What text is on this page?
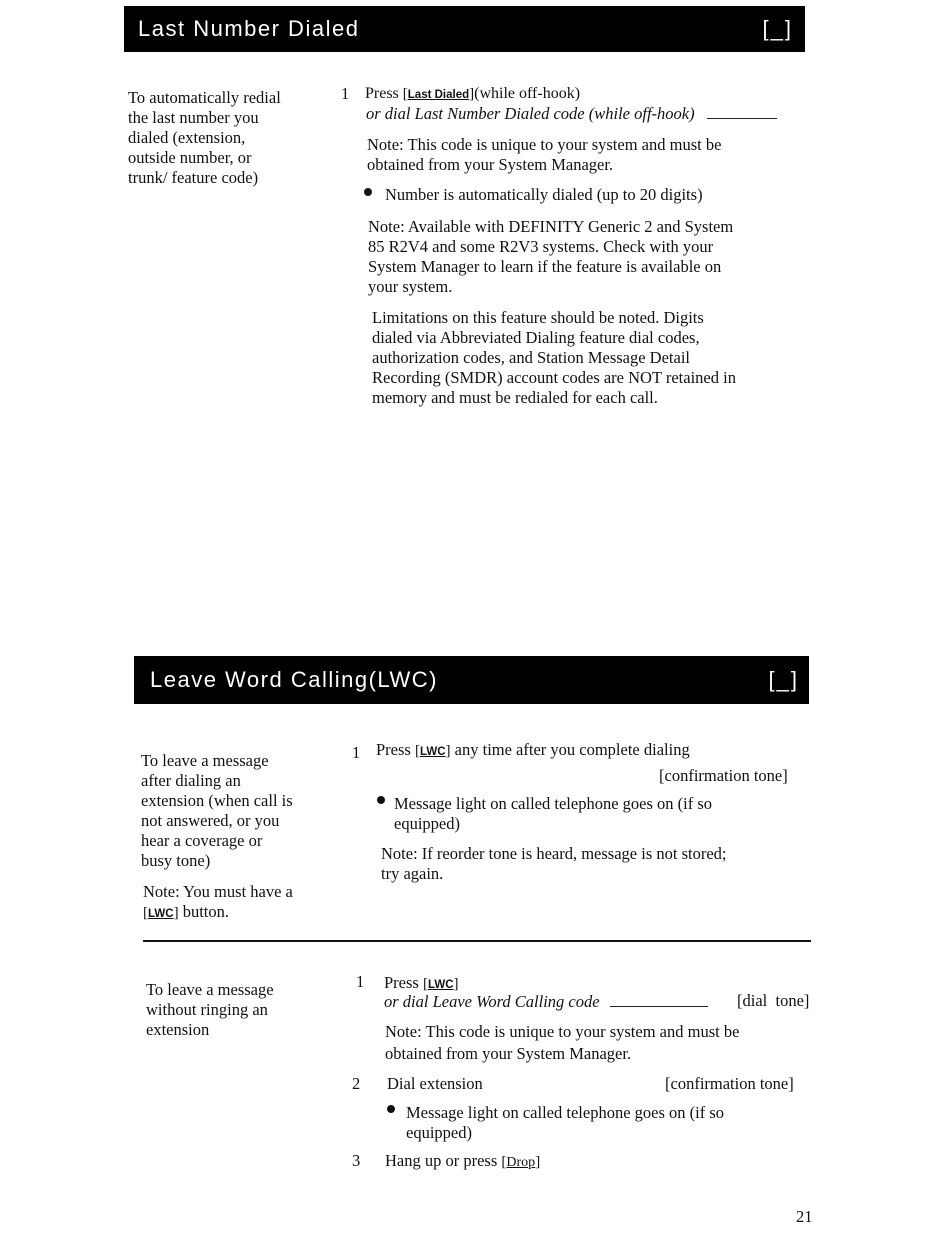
Last Number Dialed	[_]
To automatically redial
the last number you
dialed (extension,
outside number, or
trunk/ feature code)
1 Press [Last Dialed](while off-hook)
or dial Last Number Dialed code (while off-hook)
Note: This code is unique to your system and must be
obtained from your System Manager.
Number is automatically dialed (up to 20 digits)
Note: Available with DEFINITY Generic 2 and System
85 R2V4 and some R2V3 systems. Check with your
System Manager to learn if the feature is available on
your system.
Limitations on this feature should be noted. Digits
dialed via Abbreviated Dialing feature dial codes,
authorization codes, and Station Message Detail
Recording (SMDR) account codes are NOT retained in
memory and must be redialed for each call.
Leave Word Calling(LWC)	[_]
To leave a message
after dialing an
extension (when call is
not answered, or you
hear a coverage or
busy tone)
Note: You must have a
[LWC] button.
1 Press [LWC] any time after you complete dialing
[confirmation tone]
Message light on called telephone goes on (if so
equipped)
Note: If reorder tone is heard, message is not stored;
try again.
To leave a message
without ringing an
extension
1 Press [LWC]
or dial Leave Word Calling code	[dial  tone]
Note: This code is unique to your system and must be
obtained from your System Manager.
2 Dial extension	[confirmation tone]
Message light on called telephone goes on (if so
equipped)
3 Hang up or press [Drop]
21
